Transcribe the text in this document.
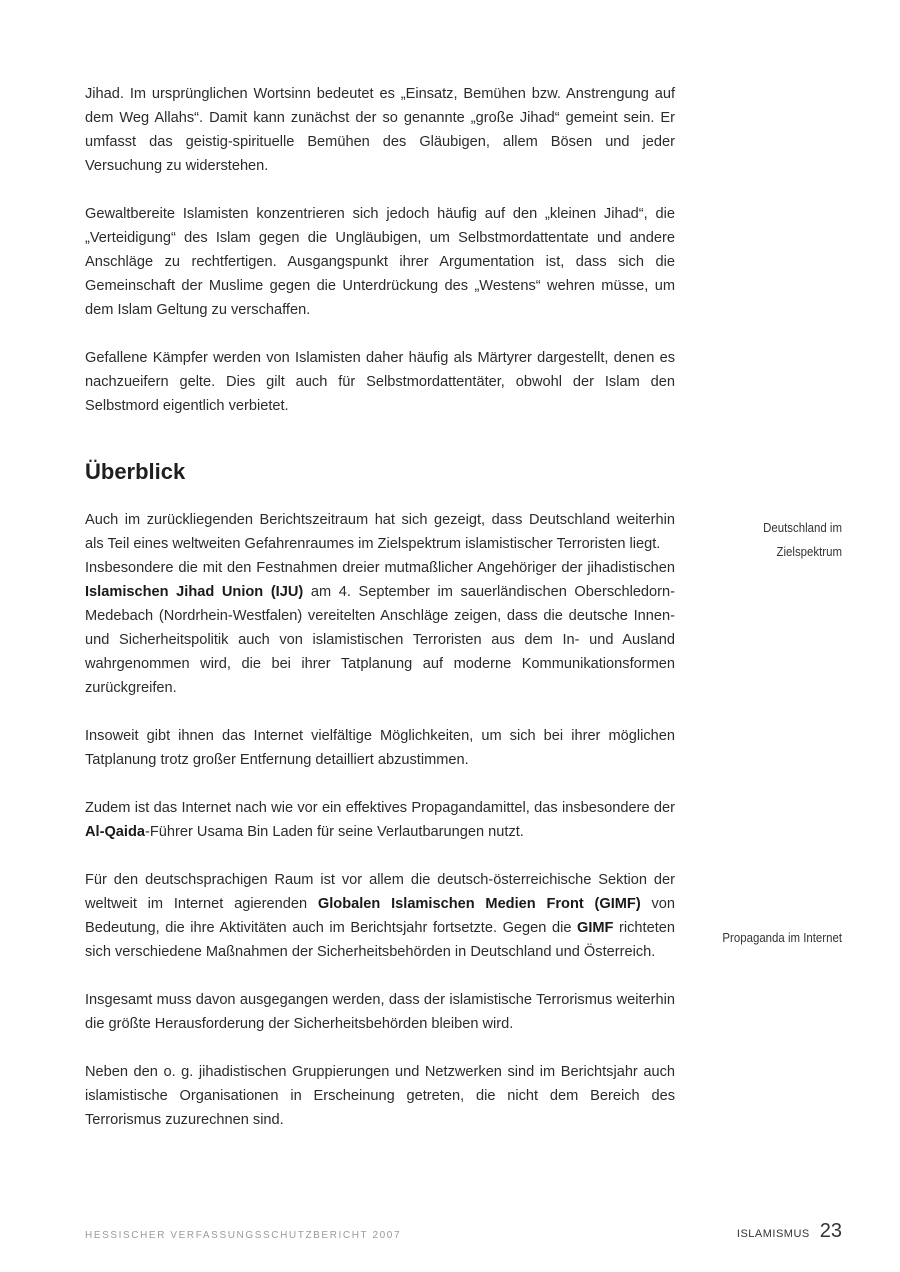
Jihad. Im ursprünglichen Wortsinn bedeutet es „Einsatz, Bemühen bzw. Anstrengung auf dem Weg Allahs“. Damit kann zunächst der so genannte „große Jihad“ gemeint sein. Er umfasst das geistig-spirituelle Bemühen des Gläubigen, allem Bösen und jeder Versuchung zu widerstehen.

Gewaltbereite Islamisten konzentrieren sich jedoch häufig auf den „kleinen Jihad“, die „Verteidigung“ des Islam gegen die Ungläubigen, um Selbstmordattentate und andere Anschläge zu rechtfertigen. Ausgangspunkt ihrer Argumentation ist, dass sich die Gemeinschaft der Muslime gegen die Unterdrückung des „Westens“ wehren müsse, um dem Islam Geltung zu verschaffen.

Gefallene Kämpfer werden von Islamisten daher häufig als Märtyrer dargestellt, denen es nachzueifern gelte. Dies gilt auch für Selbstmordattentäter, obwohl der Islam den Selbstmord eigentlich verbietet.

Überblick

Auch im zurückliegenden Berichtszeitraum hat sich gezeigt, dass Deutschland weiterhin als Teil eines weltweiten Gefahrenraumes im Zielspektrum islamistischer Terroristen liegt.

Insbesondere die mit den Festnahmen dreier mutmaßlicher Angehöriger der jihadistischen Islamischen Jihad Union (IJU) am 4. September im sauerländischen Oberschledorn-Medebach (Nordrhein-Westfalen) vereitelten Anschläge zeigen, dass die deutsche Innen- und Sicherheitspolitik auch von islamistischen Terroristen aus dem In- und Ausland wahrgenommen wird, die bei ihrer Tatplanung auf moderne Kommunikationsformen zurückgreifen.

Insoweit gibt ihnen das Internet vielfältige Möglichkeiten, um sich bei ihrer möglichen Tatplanung trotz großer Entfernung detailliert abzustimmen.

Zudem ist das Internet nach wie vor ein effektives Propagandamittel, das insbesondere der Al-Qaida-Führer Usama Bin Laden für seine Verlautbarungen nutzt.

Für den deutschsprachigen Raum ist vor allem die deutsch-österreichische Sektion der weltweit im Internet agierenden Globalen Islamischen Medien Front (GIMF) von Bedeutung, die ihre Aktivitäten auch im Berichtsjahr fortsetzte. Gegen die GIMF richteten sich verschiedene Maßnahmen der Sicherheitsbehörden in Deutschland und Österreich.

Insgesamt muss davon ausgegangen werden, dass der islamistische Terrorismus weiterhin die größte Herausforderung der Sicherheitsbehörden bleiben wird.

Neben den o. g. jihadistischen Gruppierungen und Netzwerken sind im Berichtsjahr auch islamistische Organisationen in Erscheinung getreten, die nicht dem Bereich des Terrorismus zuzurechnen sind.

Deutschland im
Zielspektrum
Propaganda im Internet
HESSISCHER VERFASSUNGSSCHUTZBERICHT 2007	ISLAMISMUS 23
